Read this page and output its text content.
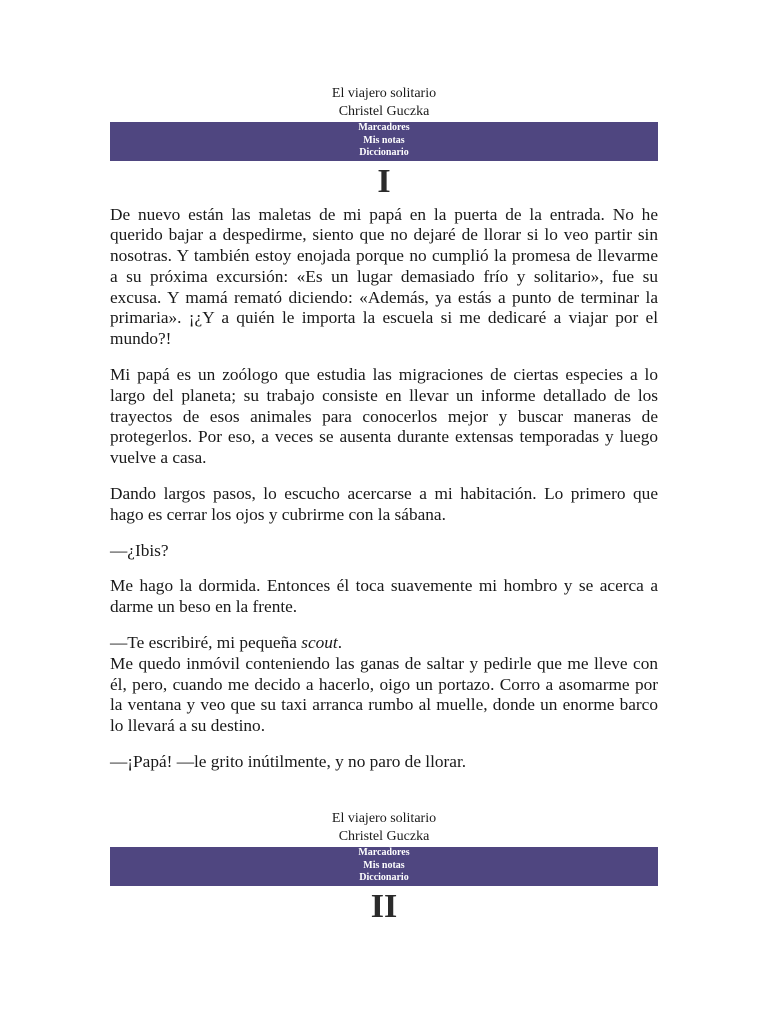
El viajero solitario
Christel Guczka
Marcadores
Mis notas
Diccionario
I

De nuevo están las maletas de mi papá en la puerta de la entrada. No he querido bajar a despedirme, siento que no dejaré de llorar si lo veo partir sin nosotras. Y también estoy enojada porque no cumplió la promesa de llevarme a su próxima excursión: «Es un lugar demasiado frío y solitario», fue su excusa. Y mamá remató diciendo: «Además, ya estás a punto de terminar la primaria». ¡¿Y a quién le importa la escuela si me dedicaré a viajar por el mundo?!

Mi papá es un zoólogo que estudia las migraciones de ciertas especies a lo largo del planeta; su trabajo consiste en llevar un informe detallado de los trayectos de esos animales para conocerlos mejor y buscar maneras de protegerlos. Por eso, a veces se ausenta durante extensas temporadas y luego vuelve a casa.

Dando largos pasos, lo escucho acercarse a mi habitación. Lo primero que hago es cerrar los ojos y cubrirme con la sábana.

—¿Ibis?

Me hago la dormida. Entonces él toca suavemente mi hombro y se acerca a darme un beso en la frente.

—Te escribiré, mi pequeña scout.

Me quedo inmóvil conteniendo las ganas de saltar y pedirle que me lleve con él, pero, cuando me decido a hacerlo, oigo un portazo. Corro a asomarme por la ventana y veo que su taxi arranca rumbo al muelle, donde un enorme barco lo llevará a su destino.

—¡Papá! —le grito inútilmente, y no paro de llorar.

El viajero solitario
Christel Guczka
Marcadores
Mis notas
Diccionario
II
